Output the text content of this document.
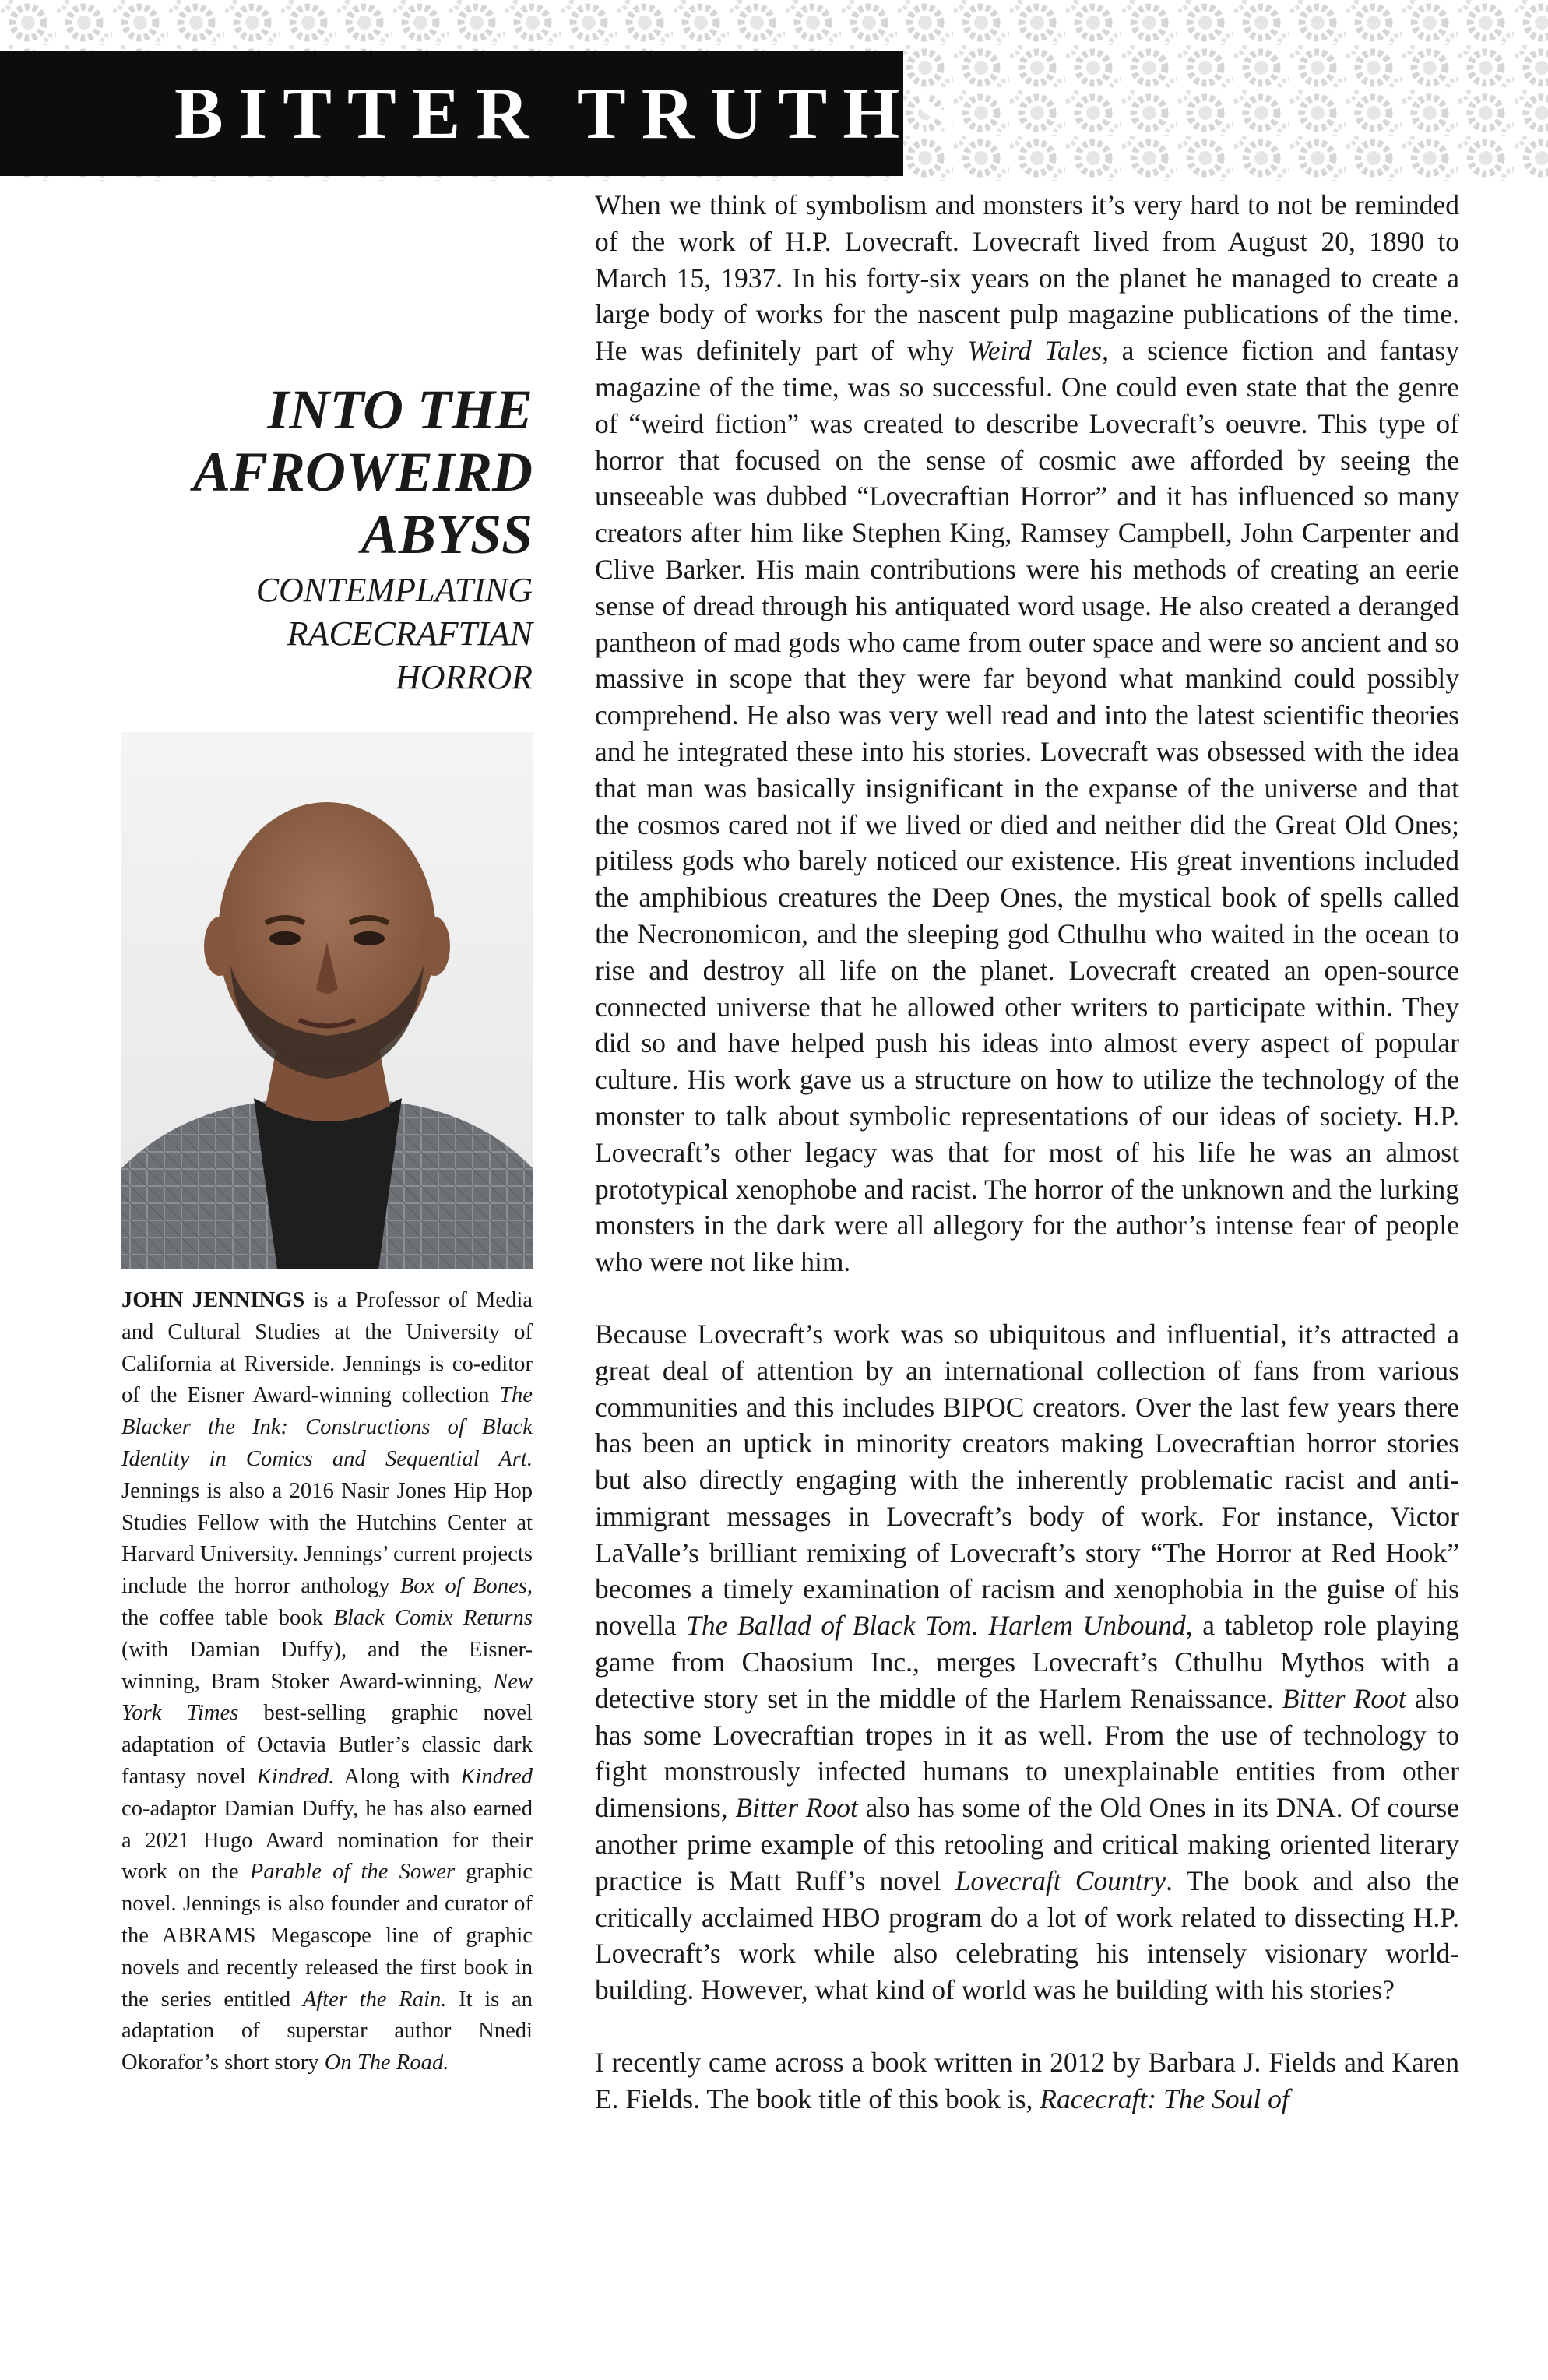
BITTER TRUTHS
INTO THE
AFROWEIRD
ABYSS

CONTEMPLATING
RACECRAFTIAN
HORROR

JOHN JENNINGS is a Professor of Media and Cultural Studies at the University of California at Riverside. Jennings is co-editor of the Eisner Award-winning collection The Blacker the Ink: Constructions of Black Identity in Comics and Sequential Art. Jennings is also a 2016 Nasir Jones Hip Hop Studies Fellow with the Hutchins Center at Harvard University. Jennings’ current projects include the horror anthology Box of Bones, the coffee table book Black Comix Returns (with Damian Duffy), and the Eisner-winning, Bram Stoker Award-winning, New York Times best-selling graphic novel adaptation of Octavia Butler’s classic dark fantasy novel Kindred. Along with Kindred co-adaptor Damian Duffy, he has also earned a 2021 Hugo Award nomination for their work on the Parable of the Sower graphic novel. Jennings is also founder and curator of the ABRAMS Megascope line of graphic novels and recently released the first book in the series entitled After the Rain. It is an adaptation of superstar author Nnedi Okorafor’s short story On The Road.

When we think of symbolism and monsters it’s very hard to not be reminded of the work of H.P. Lovecraft. Lovecraft lived from August 20, 1890 to March 15, 1937. In his forty-six years on the planet he managed to create a large body of works for the nascent pulp magazine publications of the time. He was definitely part of why Weird Tales, a science fiction and fantasy magazine of the time, was so successful. One could even state that the genre of “weird fiction” was created to describe Lovecraft’s oeuvre. This type of horror that focused on the sense of cosmic awe afforded by seeing the unseeable was dubbed “Lovecraftian Horror” and it has influenced so many creators after him like Stephen King, Ramsey Campbell, John Carpenter and Clive Barker. His main contributions were his methods of creating an eerie sense of dread through his antiquated word usage. He also created a deranged pantheon of mad gods who came from outer space and were so ancient and so massive in scope that they were far beyond what mankind could possibly comprehend. He also was very well read and into the latest scientific theories and he integrated these into his stories. Lovecraft was obsessed with the idea that man was basically insignificant in the expanse of the universe and that the cosmos cared not if we lived or died and neither did the Great Old Ones; pitiless gods who barely noticed our existence. His great inventions included the amphibious creatures the Deep Ones, the mystical book of spells called the Necronomicon, and the sleeping god Cthulhu who waited in the ocean to rise and destroy all life on the planet. Lovecraft created an open-source connected universe that he allowed other writers to participate within. They did so and have helped push his ideas into almost every aspect of popular culture. His work gave us a structure on how to utilize the technology of the monster to talk about symbolic representations of our ideas of society. H.P. Lovecraft’s other legacy was that for most of his life he was an almost prototypical xenophobe and racist. The horror of the unknown and the lurking monsters in the dark were all allegory for the author’s intense fear of people who were not like him.

Because Lovecraft’s work was so ubiquitous and influential, it’s attracted a great deal of attention by an international collection of fans from various communities and this includes BIPOC creators. Over the last few years there has been an uptick in minority creators making Lovecraftian horror stories but also directly engaging with the inherently problematic racist and anti-immigrant messages in Lovecraft’s body of work. For instance, Victor LaValle’s brilliant remixing of Lovecraft’s story “The Horror at Red Hook” becomes a timely examination of racism and xenophobia in the guise of his novella The Ballad of Black Tom. Harlem Unbound, a tabletop role playing game from Chaosium Inc., merges Lovecraft’s Cthulhu Mythos with a detective story set in the middle of the Harlem Renaissance. Bitter Root also has some Lovecraftian tropes in it as well. From the use of technology to fight monstrously infected humans to unexplainable entities from other dimensions, Bitter Root also has some of the Old Ones in its DNA. Of course another prime example of this retooling and critical making oriented literary practice is Matt Ruff’s novel Lovecraft Country. The book and also the critically acclaimed HBO program do a lot of work related to dissecting H.P. Lovecraft’s work while also celebrating his intensely visionary world-building. However, what kind of world was he building with his stories?

I recently came across a book written in 2012 by Barbara J. Fields and Karen E. Fields. The book title of this book is, Racecraft: The Soul of
